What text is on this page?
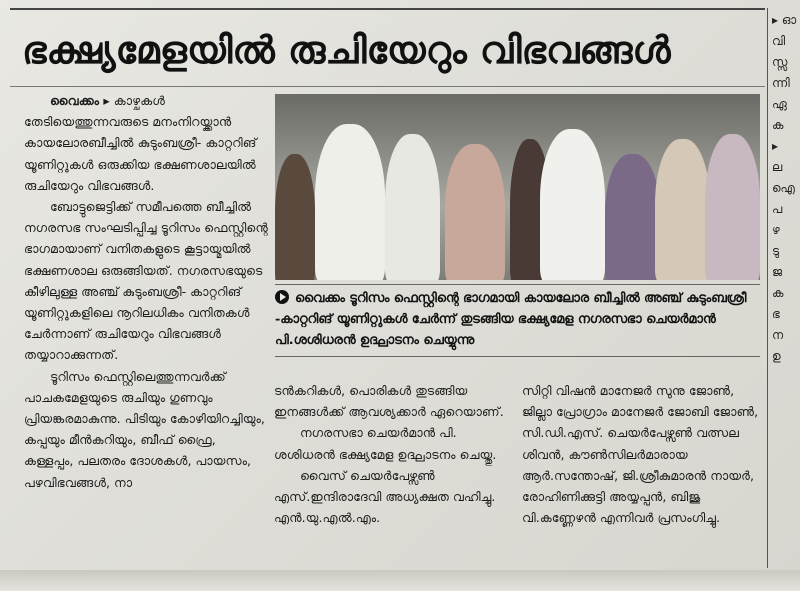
ഭക്ഷ്യമേളയിൽ രുചിയേറും വിഭവങ്ങൾ

വൈക്കം ▸ കാഴ്ചകൾ തേടിയെത്തുന്നവരുടെ മനംനിറയ്ക്കാൻ കായലോരബീച്ചിൽ കുടുംബശ്രീ- കാറ്ററിങ് യൂണിറ്റുകൾ ഒരുക്കിയ ഭക്ഷണശാലയിൽ രുചിയേറും വിഭവങ്ങൾ.

ബോട്ടുജെട്ടിക്ക് സമീപത്തെ ബീച്ചിൽ നഗരസഭ സംഘടിപ്പിച്ച ടൂറിസം ഫെസ്റ്റിന്റെ ഭാഗമായാണ് വനിതകളുടെ കൂട്ടായ്മയിൽ ഭക്ഷണശാല ഒരുങ്ങിയത്. നഗരസഭയുടെ കീഴിലുള്ള അഞ്ച് കുടുംബശ്രീ- കാറ്ററിങ് യൂണിറ്റുകളിലെ നൂറിലധികം വനിതകൾ ചേർന്നാണ് രുചിയേറും വിഭവങ്ങൾ തയ്യാറാക്കുന്നത്.

ടൂറിസം ഫെസ്റ്റിലെത്തുന്നവർക്ക് പാചകമേളയുടെ രുചിയും ഗുണവും പ്രിയങ്കരമാകുന്നു. പിടിയും കോഴിയിറച്ചിയും, കപ്പയും മീൻകറിയും, ബീഫ് ഫ്രൈ, കള്ളപ്പം, പലതരം ദോശകൾ, പായസം, പഴവിഭവങ്ങൾ, നാ

വൈക്കം ടൂറിസം ഫെസ്റ്റിന്റെ ഭാഗമായി കായലോര ബീച്ചിൽ അഞ്ച് കുടുംബശ്രീ -കാറ്ററിങ് യൂണിറ്റുകൾ ചേർന്ന് തുടങ്ങിയ ഭക്ഷ്യമേള നഗരസഭാ ചെയർമാൻ പി.ശശിധരൻ ഉദ്ഘാടനം ചെയ്യുന്നു

ടൻകറികൾ, പൊരികൾ തുടങ്ങിയ ഇനങ്ങൾക്ക് ആവശ്യക്കാർ ഏറെയാണ്.

നഗരസഭാ ചെയർമാൻ പി. ശശിധരൻ ഭക്ഷ്യമേള ഉദ്ഘാടനം ചെയ്തു.

വൈസ് ചെയർപേഴ്സൺ എസ്.ഇന്ദിരാദേവി അധ്യക്ഷത വഹിച്ചു. എൻ.യു.എൽ.എം.

സിറ്റി വിഷൻ മാനേജർ സുനു ജോൺ, ജില്ലാ പ്രോഗ്രാം മാനേജർ ജോബി ജോൺ, സി.ഡി.എസ്. ചെയർപേഴ്സൺ വത്സല ശിവൻ, കൗൺസിലർമാരായ ആർ.സന്തോഷ്, ജി.ശ്രീകുമാരൻ നായർ, രോഹിണിക്കുട്ടി അയ്യപ്പൻ, ബിജു വി.കണ്ണേഴൻ എന്നിവർ പ്രസംഗിച്ചു.

▸ ഓ
വി
സ്സ
ന്നി
ഏ
ക
▸
ല
ഐ
പ
ഴ
ടു
ജ
ക
ഭ
ന
ഉ
